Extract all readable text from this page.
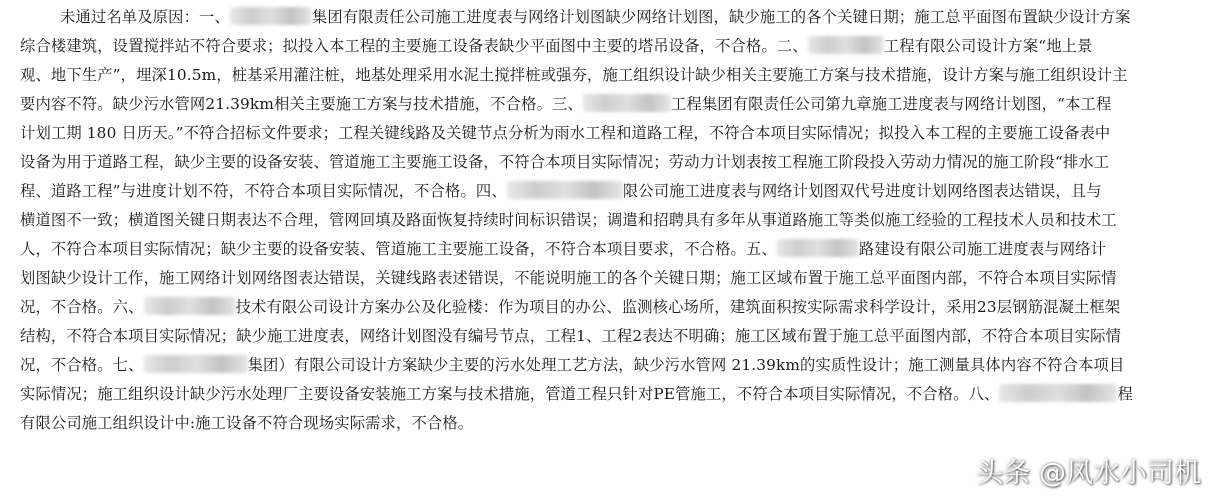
未通过名单及原因：一、	集团有限责任公司施工进度表与网络计划图缺少网络计划图，缺少施工的各个关键日期；施工总平面图布置缺少设计方案
综合楼建筑，设置搅拌站不符合要求；拟投入本工程的主要施工设备表缺少平面图中主要的塔吊设备，不合格。二、	工程有限公司设计方案“地上景
观、地下生产”，埋深10.5m，桩基采用灌注桩，地基处理采用水泥土搅拌桩或强夯，施工组织设计缺少相关主要施工方案与技术措施，设计方案与施工组织设计主
要内容不符。缺少污水管网21.39km相关主要施工方案与技术措施，不合格。三、	工程集团有限责任公司第九章施工进度表与网络计划图，“本工程
计划工期 180 日历天。”不符合招标文件要求；工程关键线路及关键节点分析为雨水工程和道路工程，不符合本项目实际情况；拟投入本工程的主要施工设备表中
设备为用于道路工程，缺少主要的设备安装、管道施工主要施工设备，不符合本项目实际情况；劳动力计划表按工程施工阶段投入劳动力情况的施工阶段“排水工
程、道路工程”与进度计划不符，不符合本项目实际情况，不合格。四、	限公司施工进度表与网络计划图双代号进度计划网络图表达错误，且与
横道图不一致；横道图关键日期表达不合理，管网回填及路面恢复持续时间标识错误；调遣和招聘具有多年从事道路施工等类似施工经验的工程技术人员和技术工
人，不符合本项目实际情况；缺少主要的设备安装、管道施工主要施工设备，不符合本项目要求，不合格。五、	路建设有限公司施工进度表与网络计
划图缺少设计工作，施工网络计划网络图表达错误，关键线路表述错误，不能说明施工的各个关键日期；施工区域布置于施工总平面图内部，不符合本项目实际情
况，不合格。六、	技术有限公司设计方案办公及化验楼：作为项目的办公、监测核心场所，建筑面积按实际需求科学设计，采用23层钢筋混凝土框架
结构，不符合本项目实际情况；缺少施工进度表，网络计划图没有编号节点，工程1、工程2表达不明确；施工区域布置于施工总平面图内部，不符合本项目实际情
况，不合格。七、	集团）有限公司设计方案缺少主要的污水处理工艺方法，缺少污水管网 21.39km的实质性设计；施工测量具体内容不符合本项目
实际情况；施工组织设计缺少污水处理厂主要设备安装施工方案与技术措施，管道工程只针对PE管施工，不符合本项目实际情况，不合格。八、	程
有限公司施工组织设计中:施工设备不符合现场实际需求，不合格。
头条 @风水小司机
